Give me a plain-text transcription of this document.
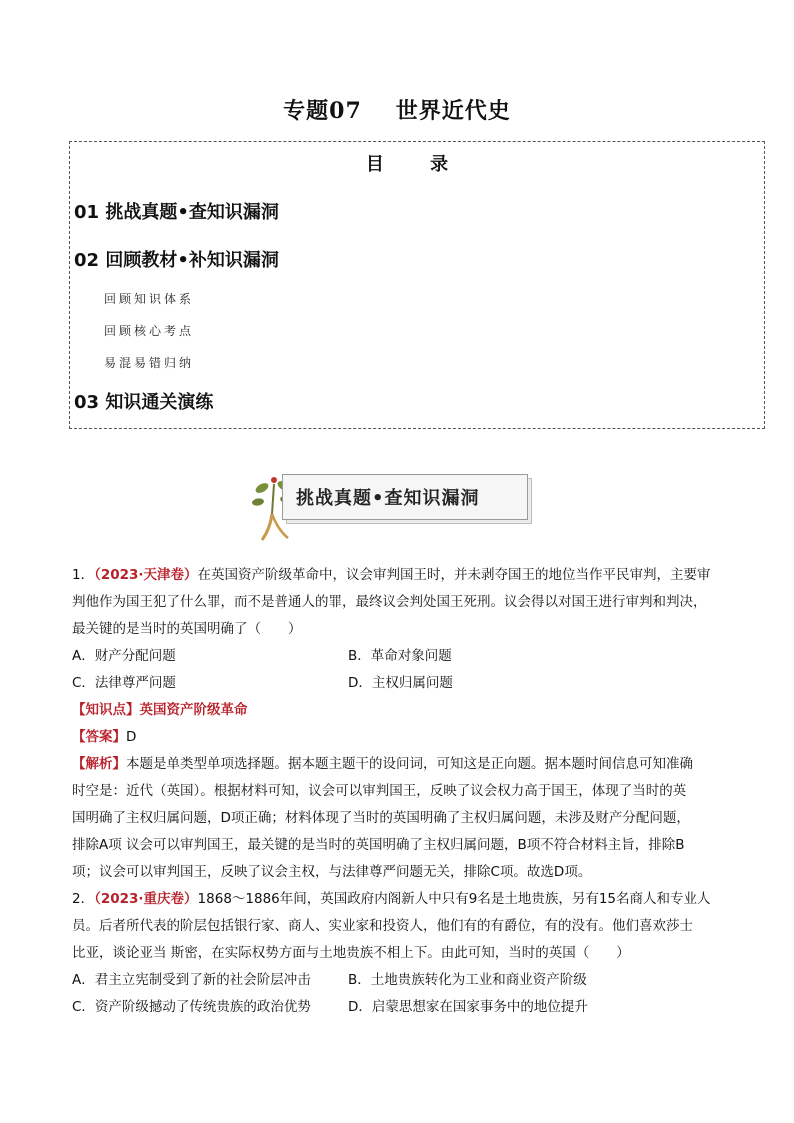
专题07 世界近代史
目 录
01 挑战真题•查知识漏洞
02 回顾教材•补知识漏洞
回顾知识体系
回顾核心考点
易混易错归纳
03 知识通关演练
挑战真题•查知识漏洞
1．（2023·天津卷）在英国资产阶级革命中，议会审判国王时，并未剥夺国王的地位当作平民审判，主要审
判他作为国王犯了什么罪，而不是普通人的罪，最终议会判处国王死刑。议会得以对国王进行审判和判决，
最关键的是当时的英国明确了（　　）
A．财产分配问题	B．革命对象问题
C．法律尊严问题	D．主权归属问题
【知识点】英国资产阶级革命
【答案】D
【解析】本题是单类型单项选择题。据本题主题干的设问词，可知这是正向题。据本题时间信息可知准确
时空是：近代（英国）。根据材料可知，议会可以审判国王，反映了议会权力高于国王，体现了当时的英
国明确了主权归属问题，D项正确；材料体现了当时的英国明确了主权归属问题，未涉及财产分配问题，
排除A项 议会可以审判国王，最关键的是当时的英国明确了主权归属问题，B项不符合材料主旨，排除B
项；议会可以审判国王，反映了议会主权，与法律尊严问题无关，排除C项。故选D项。
2．（2023·重庆卷）1868～1886年间，英国政府内阁新人中只有9名是土地贵族，另有15名商人和专业人
员。后者所代表的阶层包括银行家、商人、实业家和投资人，他们有的有爵位，有的没有。他们喜欢莎士
比亚，谈论亚当 斯密，在实际权势方面与土地贵族不相上下。由此可知，当时的英国（　　）
A．君主立宪制受到了新的社会阶层冲击	B．土地贵族转化为工业和商业资产阶级
C．资产阶级撼动了传统贵族的政治优势	D．启蒙思想家在国家事务中的地位提升
